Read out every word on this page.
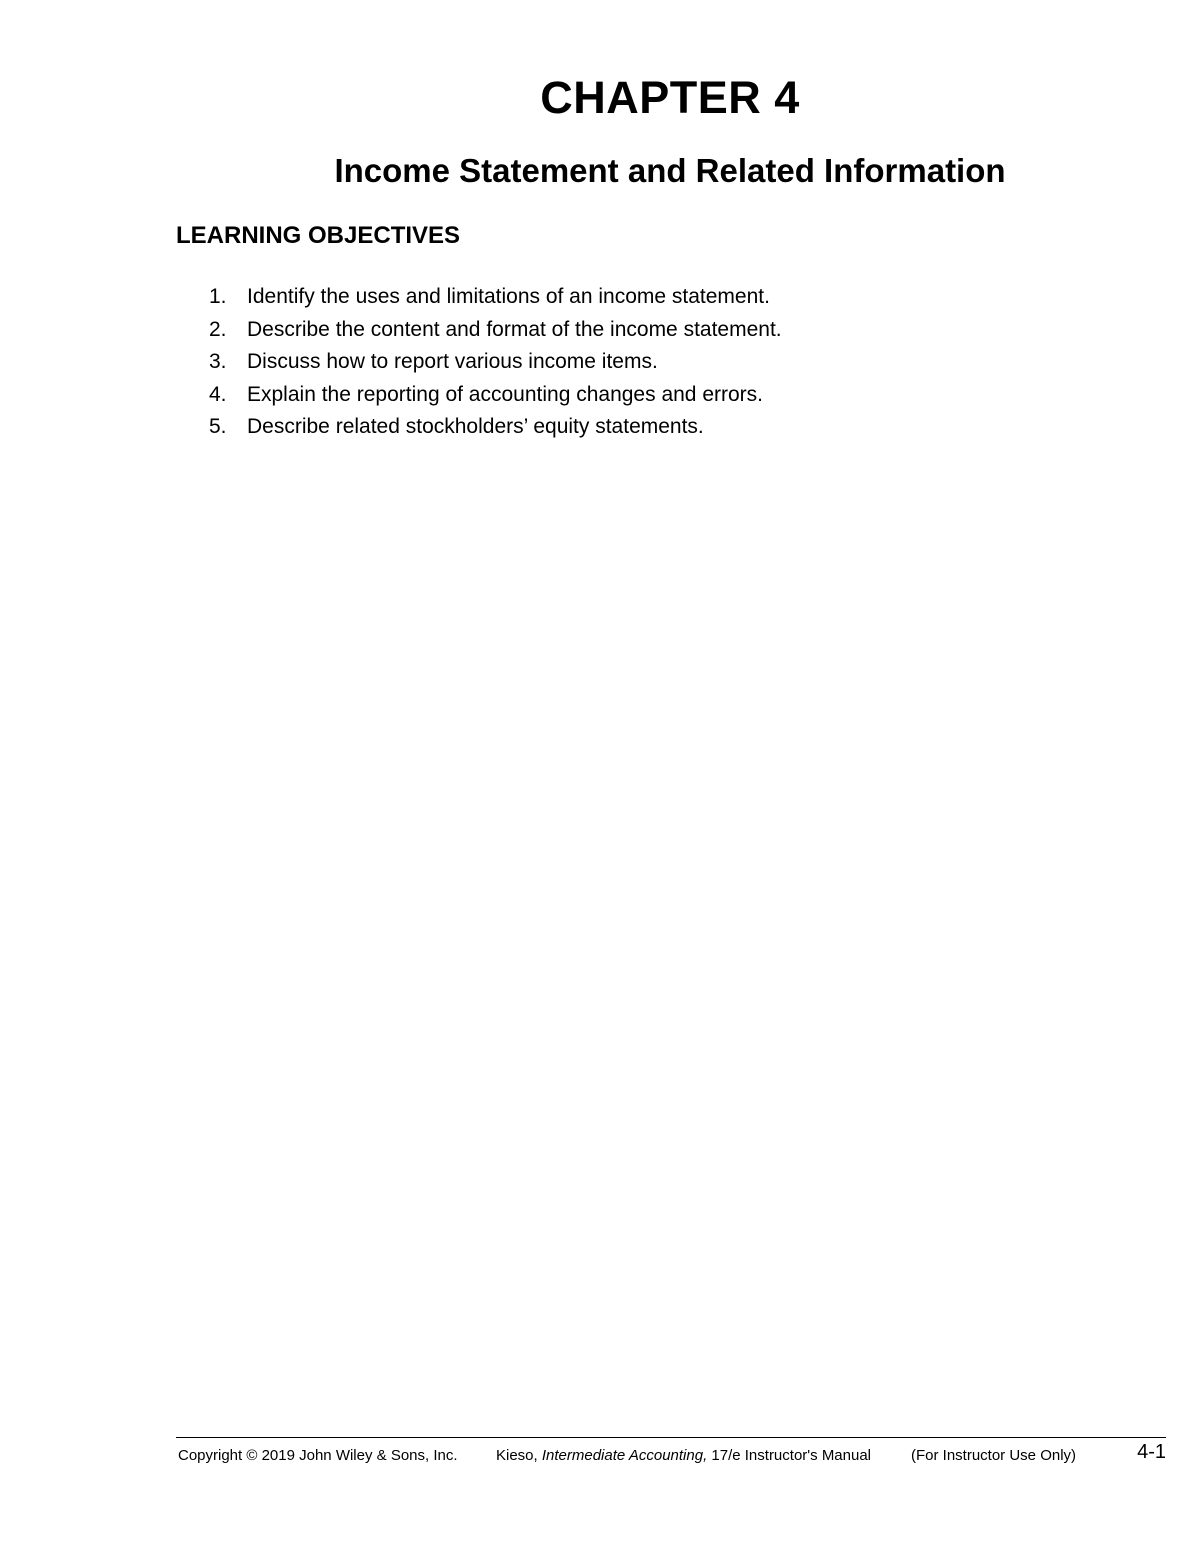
CHAPTER 4
Income Statement and Related Information
LEARNING OBJECTIVES
1. Identify the uses and limitations of an income statement.
2. Describe the content and format of the income statement.
3. Discuss how to report various income items.
4. Explain the reporting of accounting changes and errors.
5. Describe related stockholders’ equity statements.
Copyright © 2019 John Wiley & Sons, Inc.	Kieso, Intermediate Accounting, 17/e Instructor's Manual	(For Instructor Use Only)	4-1
